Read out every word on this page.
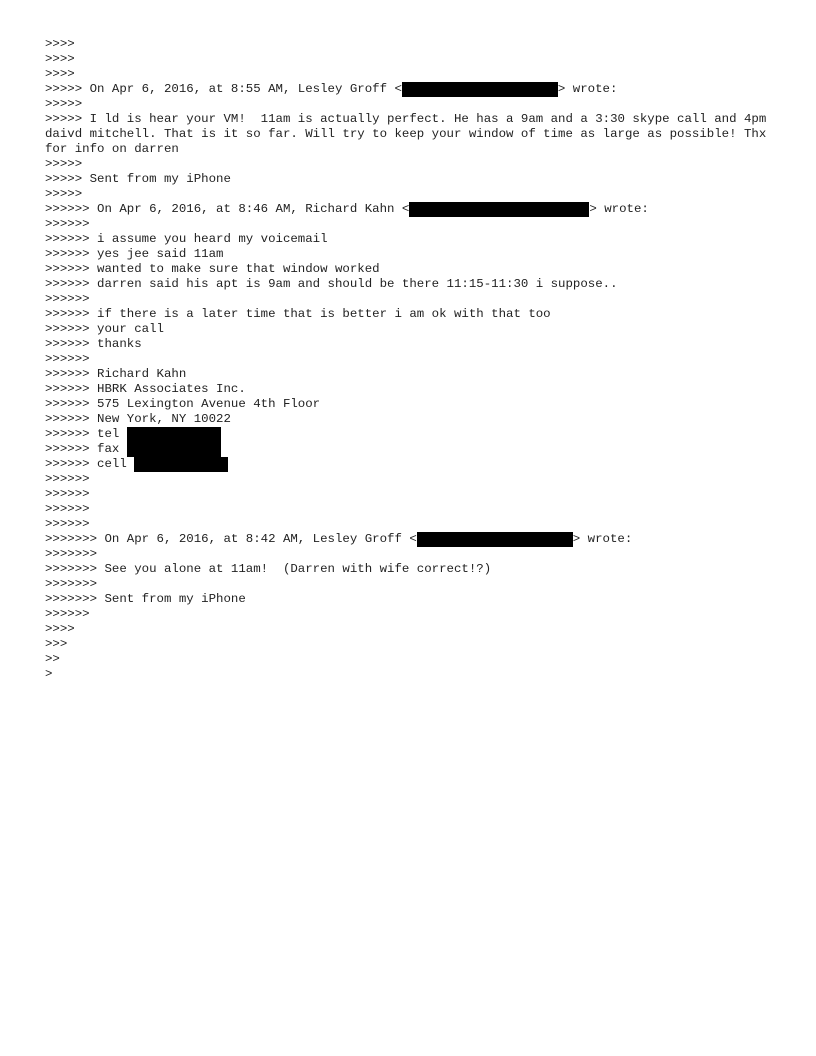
>>>>
>>>>
>>>>
>>>>> On Apr 6, 2016, at 8:55 AM, Lesley Groff <	> wrote:
>>>>>
>>>>> I ld is hear your VM!  11am is actually perfect. He has a 9am and a 3:30 skype call and 4pm daivd mitchell. That is it so far. Will try to keep your window of time as large as possible! Thx for info on darren
>>>>>
>>>>> Sent from my iPhone
>>>>>
>>>>>> On Apr 6, 2016, at 8:46 AM, Richard Kahn <	> wrote:
>>>>>>
>>>>>> i assume you heard my voicemail
>>>>>> yes jee said 11am
>>>>>> wanted to make sure that window worked
>>>>>> darren said his apt is 9am and should be there 11:15-11:30 i suppose..
>>>>>>
>>>>>> if there is a later time that is better i am ok with that too
>>>>>> your call
>>>>>> thanks
>>>>>>
>>>>>> Richard Kahn
>>>>>> HBRK Associates Inc.
>>>>>> 575 Lexington Avenue 4th Floor
>>>>>> New York, NY 10022
>>>>>> tel
>>>>>> fax
>>>>>> cell
>>>>>>
>>>>>>
>>>>>>
>>>>>>
>>>>>>> On Apr 6, 2016, at 8:42 AM, Lesley Groff <	> wrote:
>>>>>>>
>>>>>>> See you alone at 11am!  (Darren with wife correct!?)
>>>>>>>
>>>>>>> Sent from my iPhone
>>>>>>
>>>>
>>>
>>
>
